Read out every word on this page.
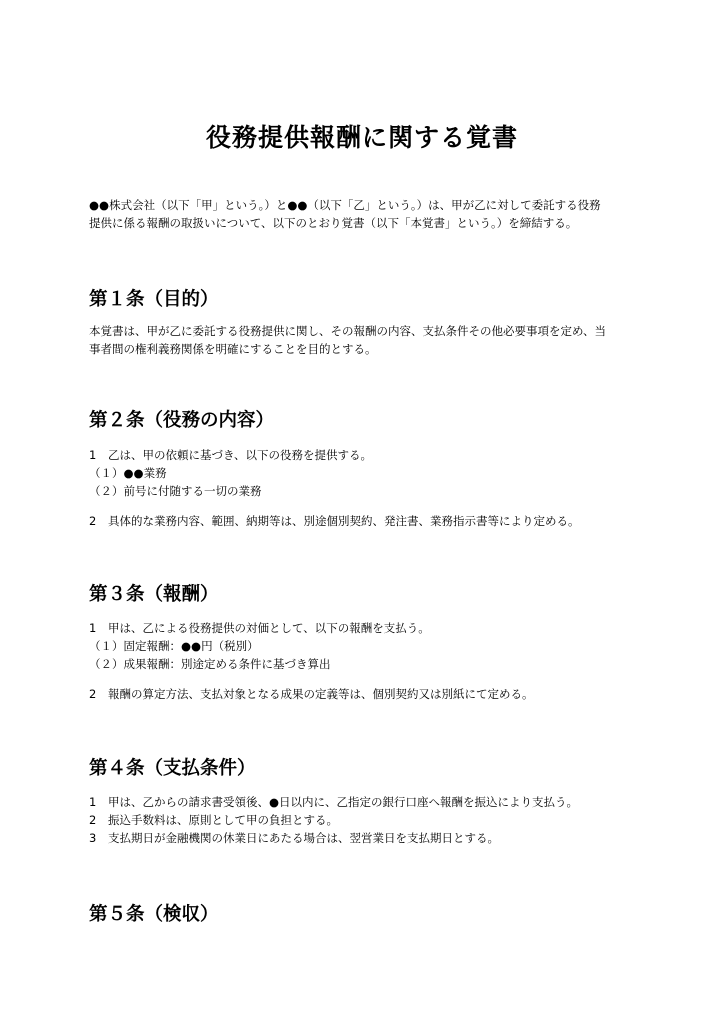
役務提供報酬に関する覚書
●●株式会社（以下「甲」という。）と●●（以下「乙」という。）は、甲が乙に対して委託する役務
提供に係る報酬の取扱いについて、以下のとおり覚書（以下「本覚書」という。）を締結する。
第１条（目的）
本覚書は、甲が乙に委託する役務提供に関し、その報酬の内容、支払条件その他必要事項を定め、当
事者間の権利義務関係を明確にすることを目的とする。
第２条（役務の内容）
1 乙は、甲の依頼に基づき、以下の役務を提供する。
（１）●●業務
（２）前号に付随する一切の業務
2 具体的な業務内容、範囲、納期等は、別途個別契約、発注書、業務指示書等により定める。
第３条（報酬）
1 甲は、乙による役務提供の対価として、以下の報酬を支払う。
（１）固定報酬：●●円（税別）
（２）成果報酬：別途定める条件に基づき算出
2 報酬の算定方法、支払対象となる成果の定義等は、個別契約又は別紙にて定める。
第４条（支払条件）
1 甲は、乙からの請求書受領後、●日以内に、乙指定の銀行口座へ報酬を振込により支払う。
2 振込手数料は、原則として甲の負担とする。
3 支払期日が金融機関の休業日にあたる場合は、翌営業日を支払期日とする。
第５条（検収）
